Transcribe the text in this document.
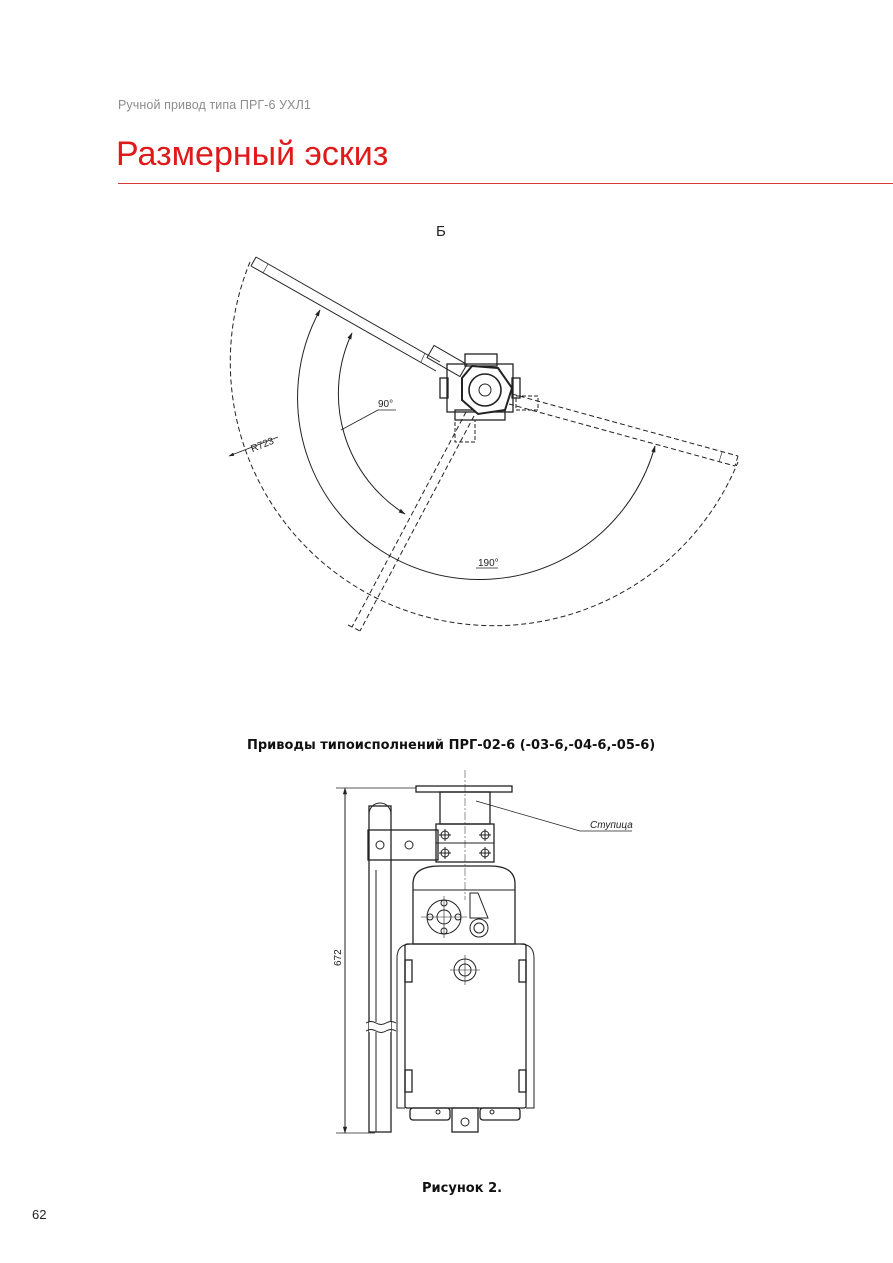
Ручной привод типа ПРГ-6 УХЛ1
Размерный эскиз
Б
R723
90°
190°
Ступица
672
Приводы типоисполнений ПРГ-02-6 (-03-6,-04-6,-05-6)
Рисунок 2.
62
